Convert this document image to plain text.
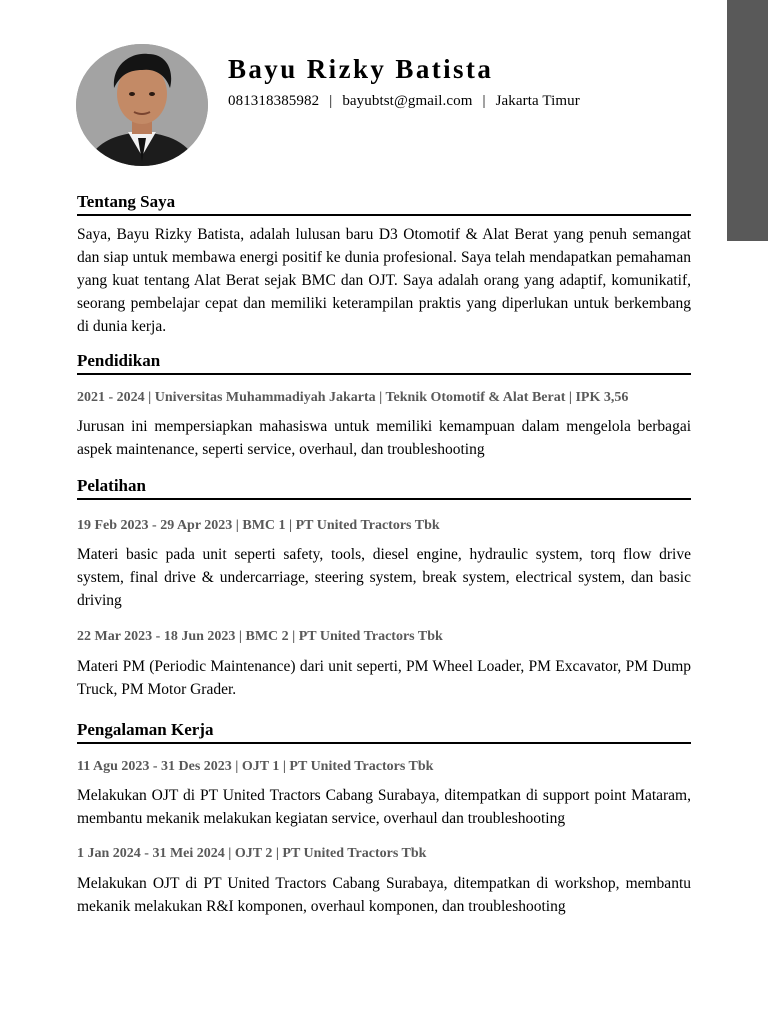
Bayu Rizky Batista
081318385982 | bayubtst@gmail.com | Jakarta Timur
Tentang Saya
Saya, Bayu Rizky Batista, adalah lulusan baru D3 Otomotif & Alat Berat yang penuh semangat dan siap untuk membawa energi positif ke dunia profesional. Saya telah mendapatkan pemahaman yang kuat tentang Alat Berat sejak BMC dan OJT. Saya adalah orang yang adaptif, komunikatif, seorang pembelajar cepat dan memiliki keterampilan praktis yang diperlukan untuk berkembang di dunia kerja.
Pendidikan
2021 - 2024 | Universitas Muhammadiyah Jakarta | Teknik Otomotif & Alat Berat | IPK 3,56
Jurusan ini mempersiapkan mahasiswa untuk memiliki kemampuan dalam mengelola berbagai aspek maintenance, seperti service, overhaul, dan troubleshooting
Pelatihan
19 Feb 2023 - 29 Apr 2023 | BMC 1 | PT United Tractors Tbk
Materi basic pada unit seperti safety, tools, diesel engine, hydraulic system, torq flow drive system, final drive & undercarriage, steering system, break system, electrical system, dan basic driving
22 Mar 2023 - 18 Jun 2023 | BMC 2 | PT United Tractors Tbk
Materi PM (Periodic Maintenance) dari unit seperti, PM Wheel Loader, PM Excavator, PM Dump Truck, PM Motor Grader.
Pengalaman Kerja
11 Agu 2023 - 31 Des 2023 | OJT 1 | PT United Tractors Tbk
Melakukan OJT di PT United Tractors Cabang Surabaya, ditempatkan di support point Mataram, membantu mekanik melakukan kegiatan service, overhaul dan troubleshooting
1 Jan 2024 - 31 Mei 2024 | OJT 2 | PT United Tractors Tbk
Melakukan OJT di PT United Tractors Cabang Surabaya, ditempatkan di workshop, membantu mekanik melakukan R&I komponen, overhaul komponen, dan troubleshooting
